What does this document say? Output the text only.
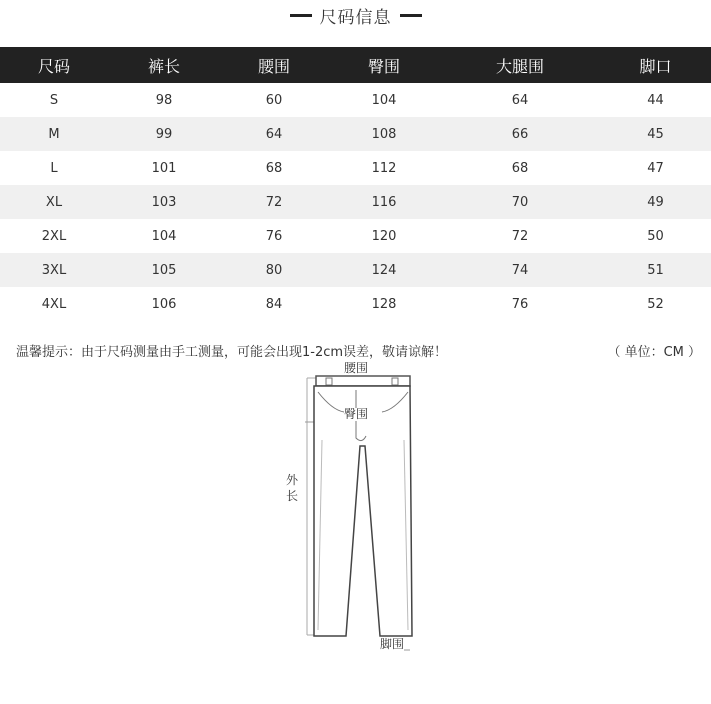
尺码信息
尺码	裤长	腰围	臀围	大腿围	脚口
S	98	60	104	64	44
M	99	64	108	66	45
L	101	68	112	68	47
XL	103	72	116	70	49
2XL	104	76	120	72	50
3XL	105	80	124	74	51
4XL	106	84	128	76	52
温馨提示：由于尺码测量由手工测量，可能会出现1-2cm误差，敬请谅解！	（ 单位：CM ）
腰围
臀围
外
长
脚围
